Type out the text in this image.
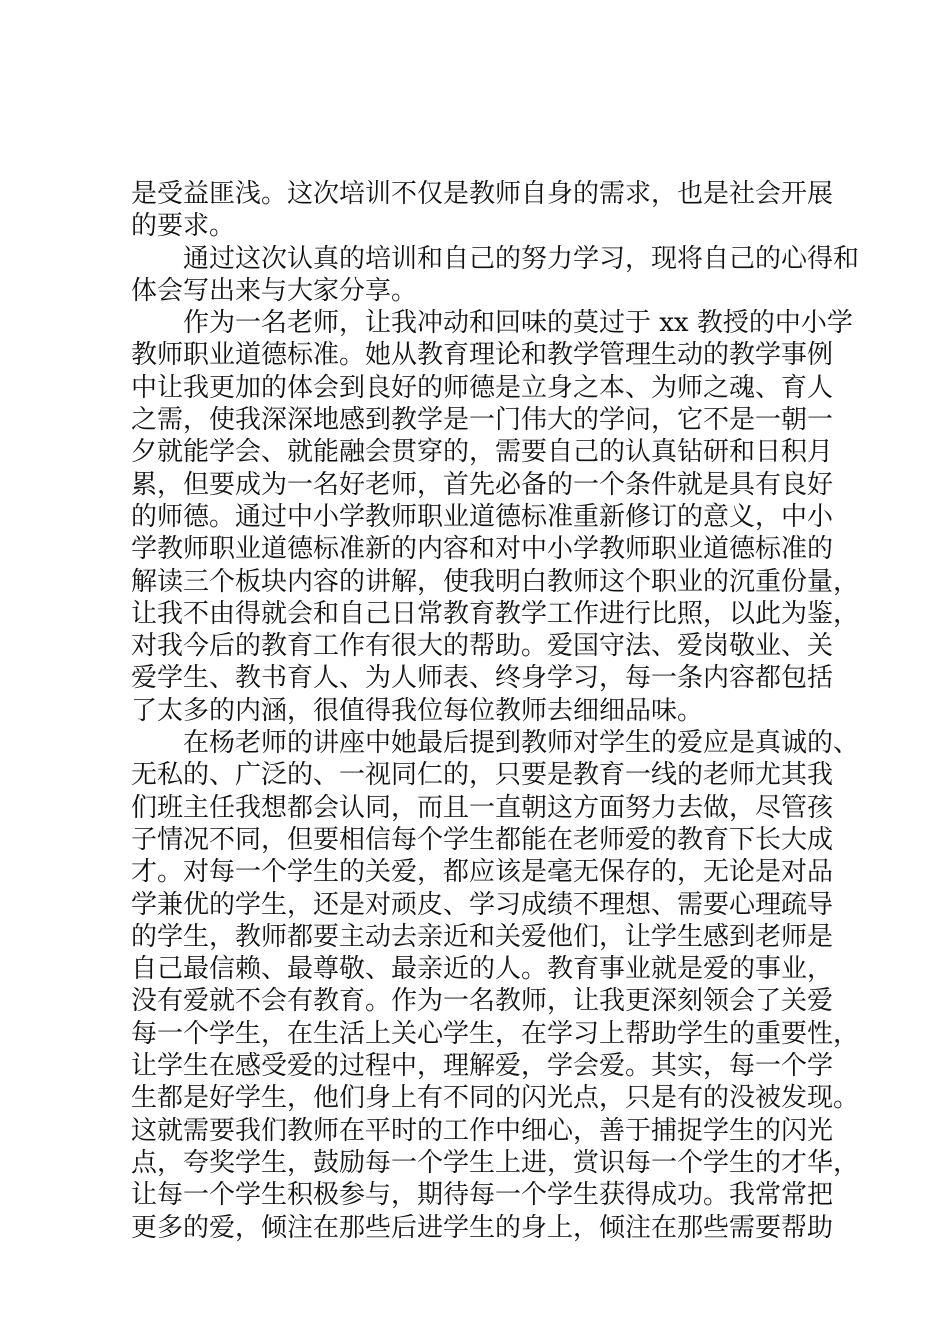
是受益匪浅。这次培训不仅是教师自身的需求，也是社会开展
的要求。
通过这次认真的培训和自己的努力学习，现将自己的心得和
体会写出来与大家分享。
作为一名老师，让我冲动和回味的莫过于 xx 教授的中小学
教师职业道德标准。她从教育理论和教学管理生动的教学事例
中让我更加的体会到良好的师德是立身之本、为师之魂、育人
之需，使我深深地感到教学是一门伟大的学问，它不是一朝一
夕就能学会、就能融会贯穿的，需要自己的认真钻研和日积月
累，但要成为一名好老师，首先必备的一个条件就是具有良好
的师德。通过中小学教师职业道德标准重新修订的意义，中小
学教师职业道德标准新的内容和对中小学教师职业道德标准的
解读三个板块内容的讲解，使我明白教师这个职业的沉重份量，
让我不由得就会和自己日常教育教学工作进行比照，以此为鉴，
对我今后的教育工作有很大的帮助。爱国守法、爱岗敬业、关
爱学生、教书育人、为人师表、终身学习，每一条内容都包括
了太多的内涵，很值得我位每位教师去细细品味。
在杨老师的讲座中她最后提到教师对学生的爱应是真诚的、
无私的、广泛的、一视同仁的，只要是教育一线的老师尤其我
们班主任我想都会认同，而且一直朝这方面努力去做，尽管孩
子情况不同，但要相信每个学生都能在老师爱的教育下长大成
才。对每一个学生的关爱，都应该是毫无保存的，无论是对品
学兼优的学生，还是对顽皮、学习成绩不理想、需要心理疏导
的学生，教师都要主动去亲近和关爱他们，让学生感到老师是
自己最信赖、最尊敬、最亲近的人。教育事业就是爱的事业，
没有爱就不会有教育。作为一名教师，让我更深刻领会了关爱
每一个学生，在生活上关心学生，在学习上帮助学生的重要性，
让学生在感受爱的过程中，理解爱，学会爱。其实，每一个学
生都是好学生，他们身上有不同的闪光点，只是有的没被发现。
这就需要我们教师在平时的工作中细心，善于捕捉学生的闪光
点，夸奖学生，鼓励每一个学生上进，赏识每一个学生的才华，
让每一个学生积极参与，期待每一个学生获得成功。我常常把
更多的爱，倾注在那些后进学生的身上，倾注在那些需要帮助
